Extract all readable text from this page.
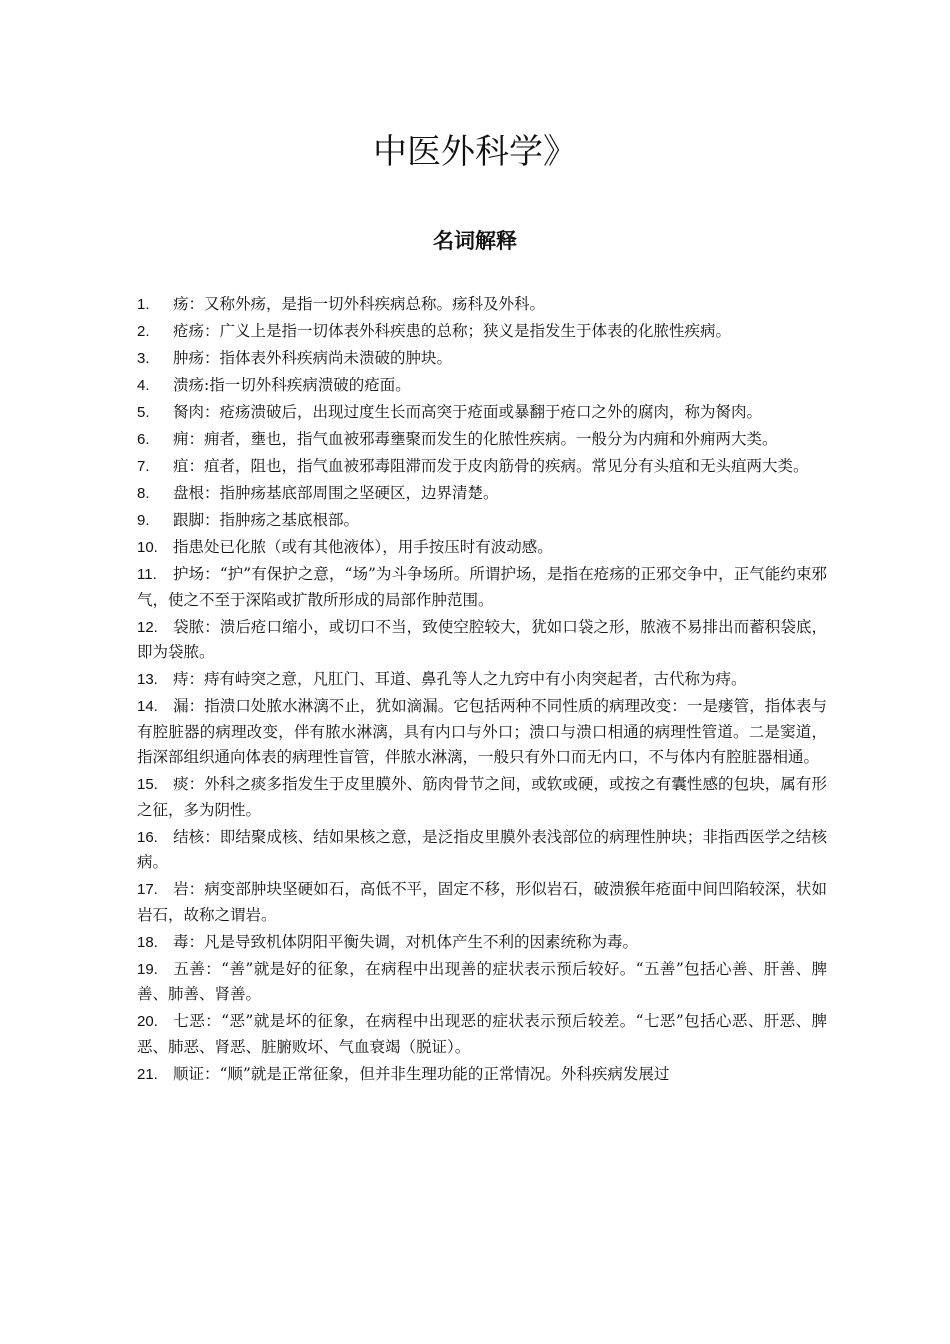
中医外科学》
名词解释
1. 疡：又称外疡，是指一切外科疾病总称。疡科及外科。
2. 疮疡：广义上是指一切体表外科疾患的总称；狭义是指发生于体表的化脓性疾病。
3. 肿疡：指体表外科疾病尚未溃破的肿块。
4. 溃疡:指一切外科疾病溃破的疮面。
5. 胬肉：疮疡溃破后，出现过度生长而高突于疮面或暴翻于疮口之外的腐肉，称为胬肉。
6. 痈：痈者，壅也，指气血被邪毒壅聚而发生的化脓性疾病。一般分为内痈和外痈两大类。
7. 疽：疽者，阻也，指气血被邪毒阻滞而发于皮肉筋骨的疾病。常见分有头疽和无头疽两大类。
8. 盘根：指肿疡基底部周围之坚硬区，边界清楚。
9. 跟脚：指肿疡之基底根部。
10. 指患处已化脓（或有其他液体），用手按压时有波动感。
11. 护场：“护”有保护之意，“场”为斗争场所。所谓护场，是指在疮疡的正邪交争中，正气能约束邪气，使之不至于深陷或扩散所形成的局部作肿范围。
12. 袋脓：溃后疮口缩小，或切口不当，致使空腔较大，犹如口袋之形，脓液不易排出而蓄积袋底，即为袋脓。
13. 痔：痔有峙突之意，凡肛门、耳道、鼻孔等人之九窍中有小肉突起者，古代称为痔。
14. 漏：指溃口处脓水淋漓不止，犹如滴漏。它包括两种不同性质的病理改变：一是瘘管，指体表与有腔脏器的病理改变，伴有脓水淋漓，具有内口与外口；溃口与溃口相通的病理性管道。二是窦道，指深部组织通向体表的病理性盲管，伴脓水淋漓，一般只有外口而无内口，不与体内有腔脏器相通。
15. 痰：外科之痰多指发生于皮里膜外、筋肉骨节之间，或软或硬，或按之有囊性感的包块，属有形之征，多为阴性。
16. 结核：即结聚成核、结如果核之意，是泛指皮里膜外表浅部位的病理性肿块；非指西医学之结核病。
17. 岩：病变部肿块坚硬如石，高低不平，固定不移，形似岩石，破溃猴年疮面中间凹陷较深，状如岩石，故称之谓岩。
18. 毒：凡是导致机体阴阳平衡失调，对机体产生不利的因素统称为毒。
19. 五善：“善”就是好的征象，在病程中出现善的症状表示预后较好。“五善”包括心善、肝善、脾善、肺善、肾善。
20. 七恶：“恶”就是坏的征象，在病程中出现恶的症状表示预后较差。“七恶”包括心恶、肝恶、脾恶、肺恶、肾恶、脏腑败坏、气血衰竭（脱证）。
21. 顺证：“顺”就是正常征象，但并非生理功能的正常情况。外科疾病发展过
